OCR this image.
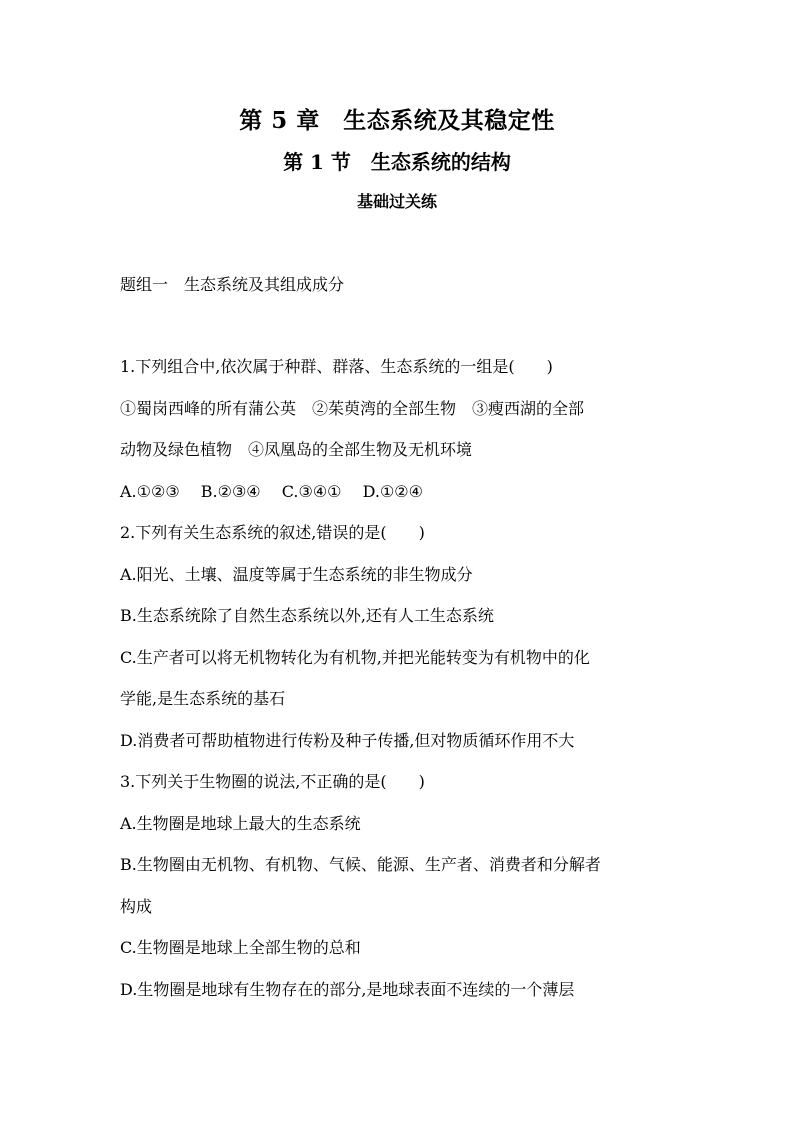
第 5 章　生态系统及其稳定性
第 1 节　生态系统的结构
基础过关练
题组一　生态系统及其组成成分
1.下列组合中,依次属于种群、群落、生态系统的一组是(　　)
①蜀岗西峰的所有蒲公英　②茱萸湾的全部生物　③瘦西湖的全部
动物及绿色植物　④凤凰岛的全部生物及无机环境
A.①②③　 B.②③④　 C.③④①　 D.①②④
2.下列有关生态系统的叙述,错误的是(　　)
A.阳光、土壤、温度等属于生态系统的非生物成分
B.生态系统除了自然生态系统以外,还有人工生态系统
C.生产者可以将无机物转化为有机物,并把光能转变为有机物中的化
学能,是生态系统的基石
D.消费者可帮助植物进行传粉及种子传播,但对物质循环作用不大
3.下列关于生物圈的说法,不正确的是(　　)
A.生物圈是地球上最大的生态系统
B.生物圈由无机物、有机物、气候、能源、生产者、消费者和分解者
构成
C.生物圈是地球上全部生物的总和
D.生物圈是地球有生物存在的部分,是地球表面不连续的一个薄层
